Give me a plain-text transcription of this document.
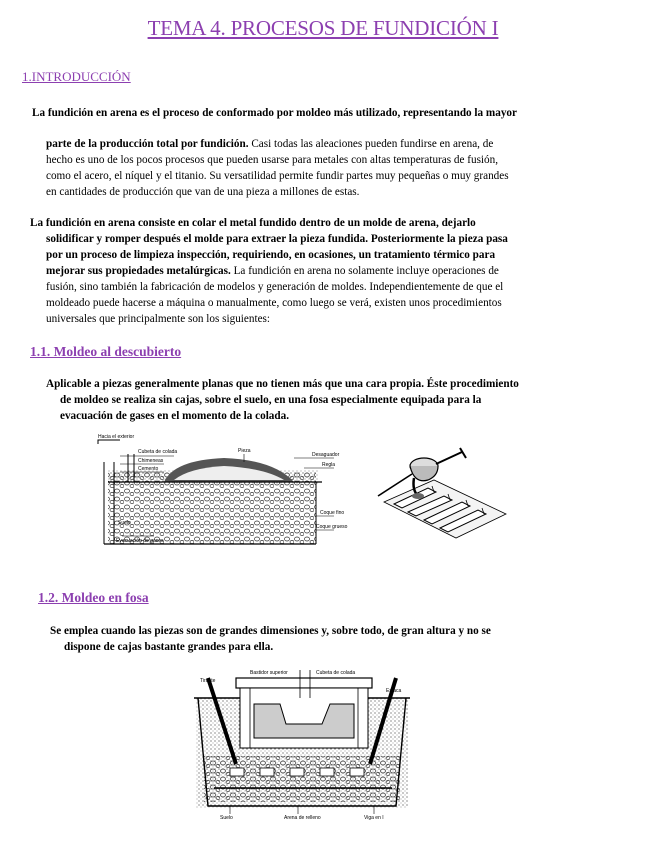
TEMA 4. PROCESOS DE FUNDICIÓN I
1.INTRODUCCIÓN
La fundición en arena es el proceso de conformado por moldeo más utilizado, representando la mayor
parte de la producción total por fundición. Casi todas las aleaciones pueden fundirse en arena, de
hecho es uno de los pocos procesos que pueden usarse para metales con altas temperaturas de fusión,
como el acero, el níquel y el titanio. Su versatilidad permite fundir partes muy pequeñas o muy grandes
en cantidades de producción que van de una pieza a millones de estas.
La fundición en arena consiste en colar el metal fundido dentro de un molde de arena, dejarlo
solidificar y romper después el molde para extraer la pieza fundida. Posteriormente la pieza pasa
por un proceso de limpieza inspección, requiriendo, en ocasiones, un tratamiento térmico para
mejorar sus propiedades metalúrgicas. La fundición en arena no solamente incluye operaciones de
fusión, sino también la fabricación de modelos y generación de moldes. Independientemente de que el
moldeado puede hacerse a máquina o manualmente, como luego se verá, existen unos procedimientos
universales que principalmente son los siguientes:
1.1. Moldeo al descubierto
Aplicable a piezas generalmente planas que no tienen más que una cara propia. Éste procedimiento
de moldeo se realiza sin cajas, sobre el suelo, en una fosa especialmente equipada para la
evacuación de gases en el momento de la colada.
Hacia el exterior
Cubeta de colada
Chimeneas
Cemento
Pieza
Desaguador
Regla
Coque fino
Suelo
Coque grueso
Evacuación de gases
1.2. Moldeo en fosa
Se emplea cuando las piezas son de grandes dimensiones y, sobre todo, de gran altura y no se
dispone de cajas bastante grandes para ella.
Bastidor superior	Cubeta de colada
Tirante
Estaca
Suelo	Arena de relleno	Viga en I
